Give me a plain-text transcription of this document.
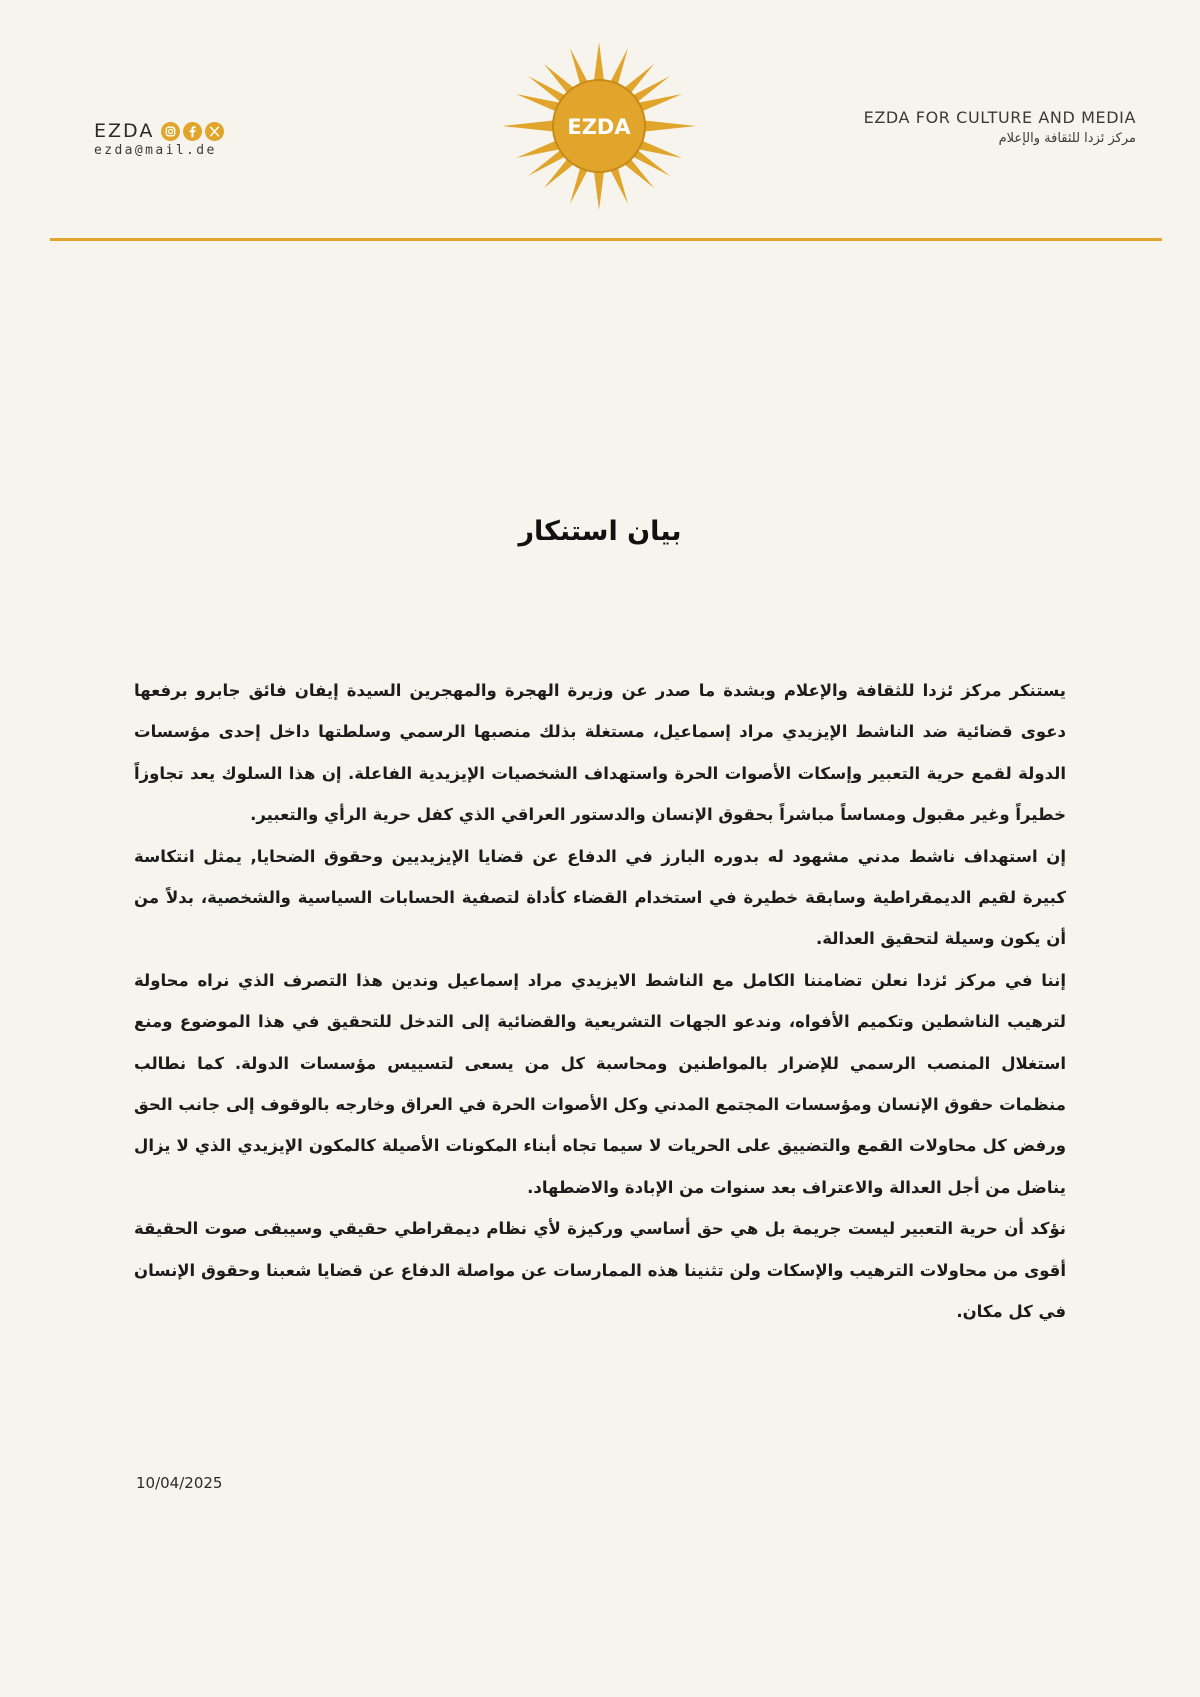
EZDA
ezda@mail.de
EZDA	EZDA FOR CULTURE AND MEDIA
مركز ئزدا للثقافة والإعلام
بيان استنكار

يستنكر مركز ئزدا للثقافة والإعلام وبشدة ما صدر عن وزيرة الهجرة والمهجرين السيدة إيفان فائق جابرو برفعها دعوى قضائية ضد الناشط الإيزيدي مراد إسماعيل، مستغلة بذلك منصبها الرسمي وسلطتها داخل إحدى مؤسسات الدولة لقمع حرية التعبير وإسكات الأصوات الحرة واستهداف الشخصيات الإيزيدية الفاعلة. إن هذا السلوك يعد تجاوزاً خطيراً وغير مقبول ومساساً مباشراً بحقوق الإنسان والدستور العراقي الذي كفل حرية الرأي والتعبير.

إن استهداف ناشط مدني مشهود له بدوره البارز في الدفاع عن قضايا الإيزيديين وحقوق الضحايا, يمثل انتكاسة كبيرة لقيم الديمقراطية وسابقة خطيرة في استخدام القضاء كأداة لتصفية الحسابات السياسية والشخصية، بدلاً من أن يكون وسيلة لتحقيق العدالة.

إننا في مركز ئزدا نعلن تضامننا الكامل مع الناشط الايزيدي مراد إسماعيل وندين هذا التصرف الذي نراه محاولة لترهيب الناشطين وتكميم الأفواه، وندعو الجهات التشريعية والقضائية إلى التدخل للتحقيق في هذا الموضوع ومنع استغلال المنصب الرسمي للإضرار بالمواطنين ومحاسبة كل من يسعى لتسييس مؤسسات الدولة. كما نطالب منظمات حقوق الإنسان ومؤسسات المجتمع المدني وكل الأصوات الحرة في العراق وخارجه بالوقوف إلى جانب الحق ورفض كل محاولات القمع والتضييق على الحريات لا سيما تجاه أبناء المكونات الأصيلة كالمكون الإيزيدي الذي لا يزال يناضل من أجل العدالة والاعتراف بعد سنوات من الإبادة والاضطهاد.

نؤكد أن حرية التعبير ليست جريمة بل هي حق أساسي وركيزة لأي نظام ديمقراطي حقيقي وسيبقى صوت الحقيقة أقوى من محاولات الترهيب والإسكات ولن تثنينا هذه الممارسات عن مواصلة الدفاع عن قضايا شعبنا وحقوق الإنسان في كل مكان.

10/04/2025
